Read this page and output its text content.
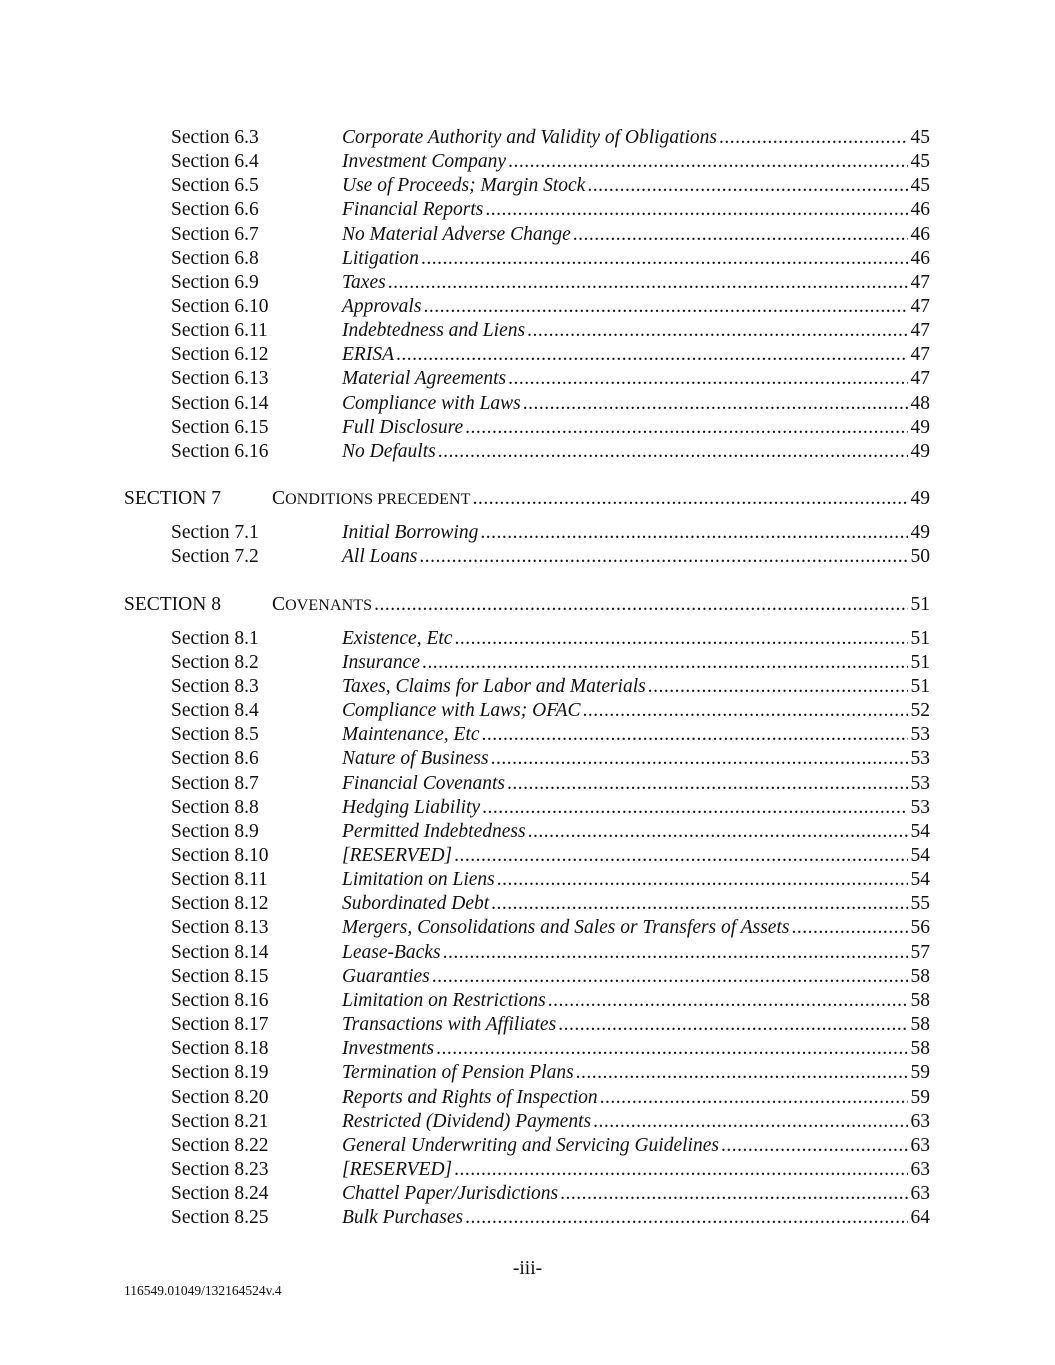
Section 6.3	Corporate Authority and Validity of Obligations .....	45
Section 6.4	Investment Company .....	45
Section 6.5	Use of Proceeds; Margin Stock .....	45
Section 6.6	Financial Reports .....	46
Section 6.7	No Material Adverse Change .....	46
Section 6.8	Litigation .....	46
Section 6.9	Taxes .....	47
Section 6.10	Approvals .....	47
Section 6.11	Indebtedness and Liens .....	47
Section 6.12	ERISA .....	47
Section 6.13	Material Agreements .....	47
Section 6.14	Compliance with Laws .....	48
Section 6.15	Full Disclosure .....	49
Section 6.16	No Defaults .....	49
SECTION 7	CONDITIONS PRECEDENT .....	49
Section 7.1	Initial Borrowing .....	49
Section 7.2	All Loans .....	50
SECTION 8	COVENANTS .....	51
Section 8.1	Existence, Etc .....	51
Section 8.2	Insurance .....	51
Section 8.3	Taxes, Claims for Labor and Materials .....	51
Section 8.4	Compliance with Laws; OFAC .....	52
Section 8.5	Maintenance, Etc .....	53
Section 8.6	Nature of Business .....	53
Section 8.7	Financial Covenants .....	53
Section 8.8	Hedging Liability .....	53
Section 8.9	Permitted Indebtedness .....	54
Section 8.10	[RESERVED] .....	54
Section 8.11	Limitation on Liens .....	54
Section 8.12	Subordinated Debt .....	55
Section 8.13	Mergers, Consolidations and Sales or Transfers of Assets .....	56
Section 8.14	Lease-Backs .....	57
Section 8.15	Guaranties .....	58
Section 8.16	Limitation on Restrictions .....	58
Section 8.17	Transactions with Affiliates .....	58
Section 8.18	Investments .....	58
Section 8.19	Termination of Pension Plans .....	59
Section 8.20	Reports and Rights of Inspection .....	59
Section 8.21	Restricted (Dividend) Payments .....	63
Section 8.22	General Underwriting and Servicing Guidelines .....	63
Section 8.23	[RESERVED] .....	63
Section 8.24	Chattel Paper/Jurisdictions .....	63
Section 8.25	Bulk Purchases .....	64
-iii-
116549.01049/132164524v.4
